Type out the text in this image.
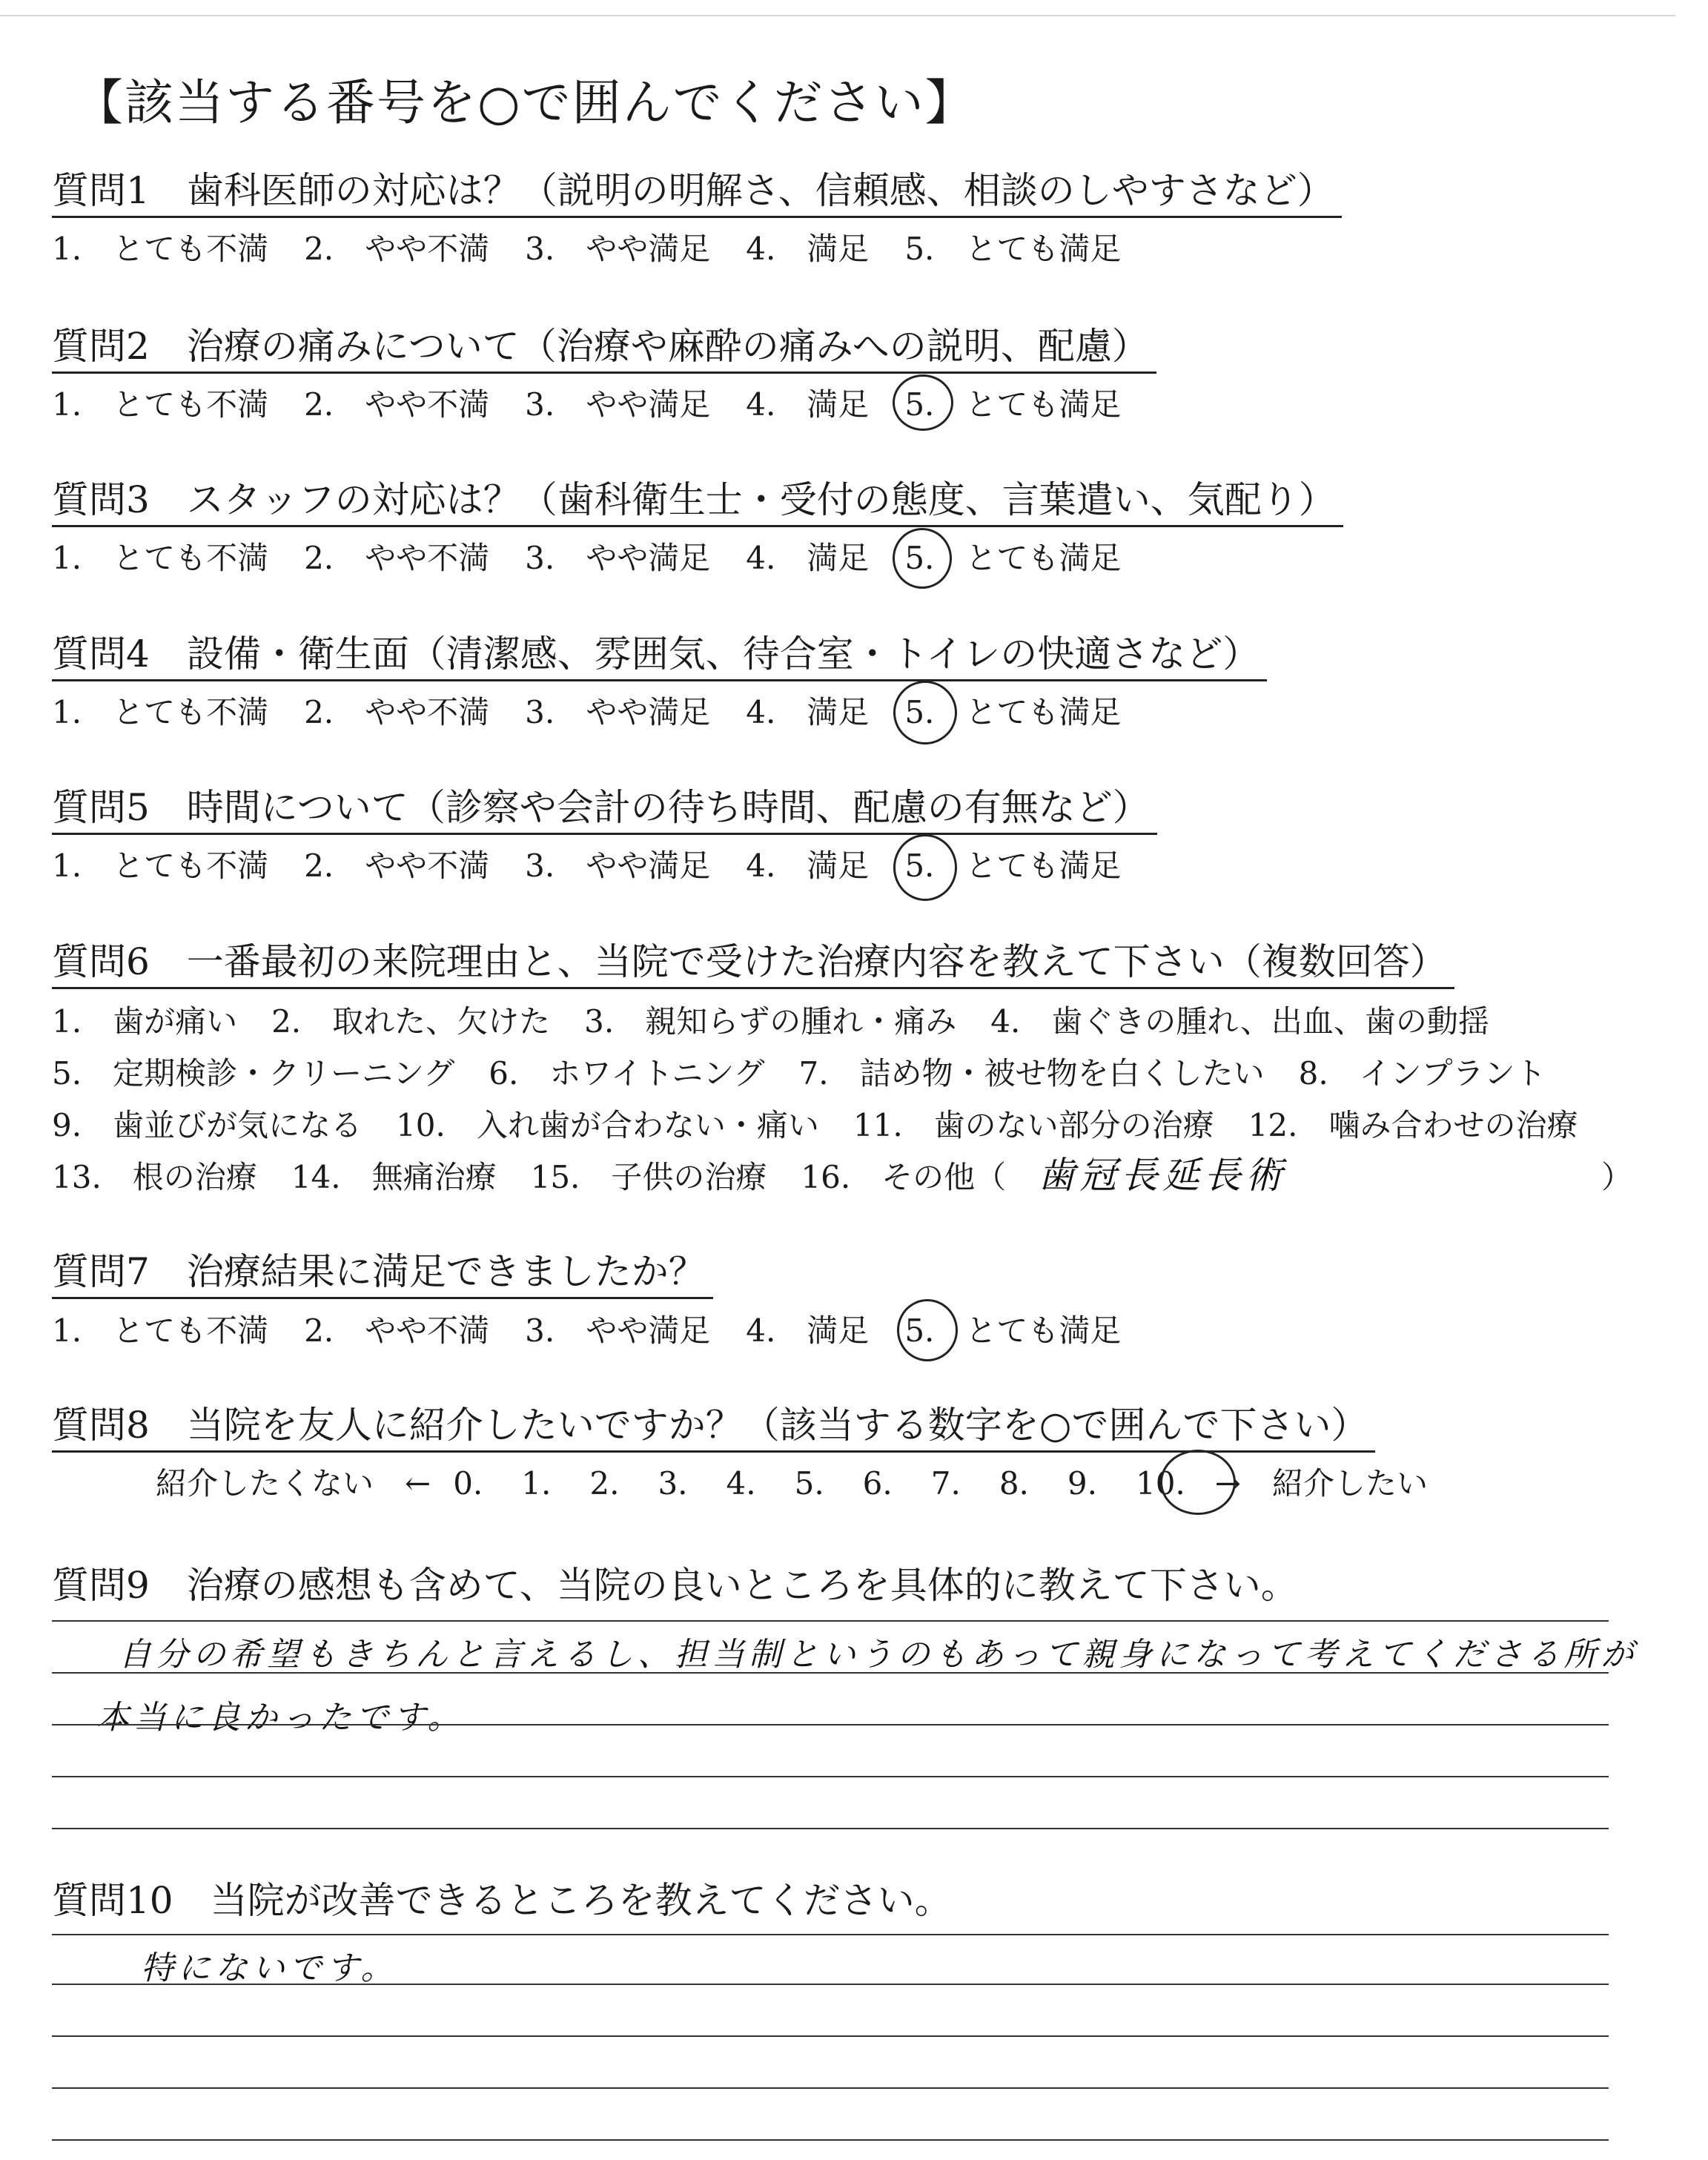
【該当する番号を○で囲んでください】
質問1　歯科医師の対応は？（説明の明解さ、信頼感、相談のしやすさなど）
1.　とても不満 2.　やや不満 3.　やや満足 4.　満足 5.　とても満足
質問2　治療の痛みについて（治療や麻酔の痛みへの説明、配慮）
1.　とても不満 2.　やや不満 3.　やや満足 4.　満足 5.　とても満足
質問3　スタッフの対応は？（歯科衛生士・受付の態度、言葉遣い、気配り）
1.　とても不満 2.　やや不満 3.　やや満足 4.　満足 5.　とても満足
質問4　設備・衛生面（清潔感、雰囲気、待合室・トイレの快適さなど）
1.　とても不満 2.　やや不満 3.　やや満足 4.　満足 5.　とても満足
質問5　時間について（診察や会計の待ち時間、配慮の有無など）
1.　とても不満 2.　やや不満 3.　やや満足 4.　満足 5.　とても満足
質問6　一番最初の来院理由と、当院で受けた治療内容を教えて下さい（複数回答）
1.　歯が痛い 2.　取れた、欠けた 3.　親知らずの腫れ・痛み 4.　歯ぐきの腫れ、出血、歯の動揺
5.　定期検診・クリーニング 6.　ホワイトニング 7.　詰め物・被せ物を白くしたい 8.　インプラント
9.　歯並びが気になる 10.　入れ歯が合わない・痛い 11.　歯のない部分の治療 12.　噛み合わせの治療
13.　根の治療 14.　無痛治療 15.　子供の治療 16.　その他（ 歯冠長延長術	）
質問7　治療結果に満足できましたか？
1.　とても不満 2.　やや不満 3.　やや満足 4.　満足 5.　とても満足
質問8　当院を友人に紹介したいですか？（該当する数字を○で囲んで下さい）
紹介したくない　← 0. 1. 2. 3. 4. 5. 6. 7. 8. 9. 10. →　紹介したい
質問9　治療の感想も含めて、当院の良いところを具体的に教えて下さい。
自分の希望もきちんと言えるし、担当制というのもあって親身になって考えてくださる所が
本当に良かったです。
質問10　当院が改善できるところを教えてください。
特にないです。
